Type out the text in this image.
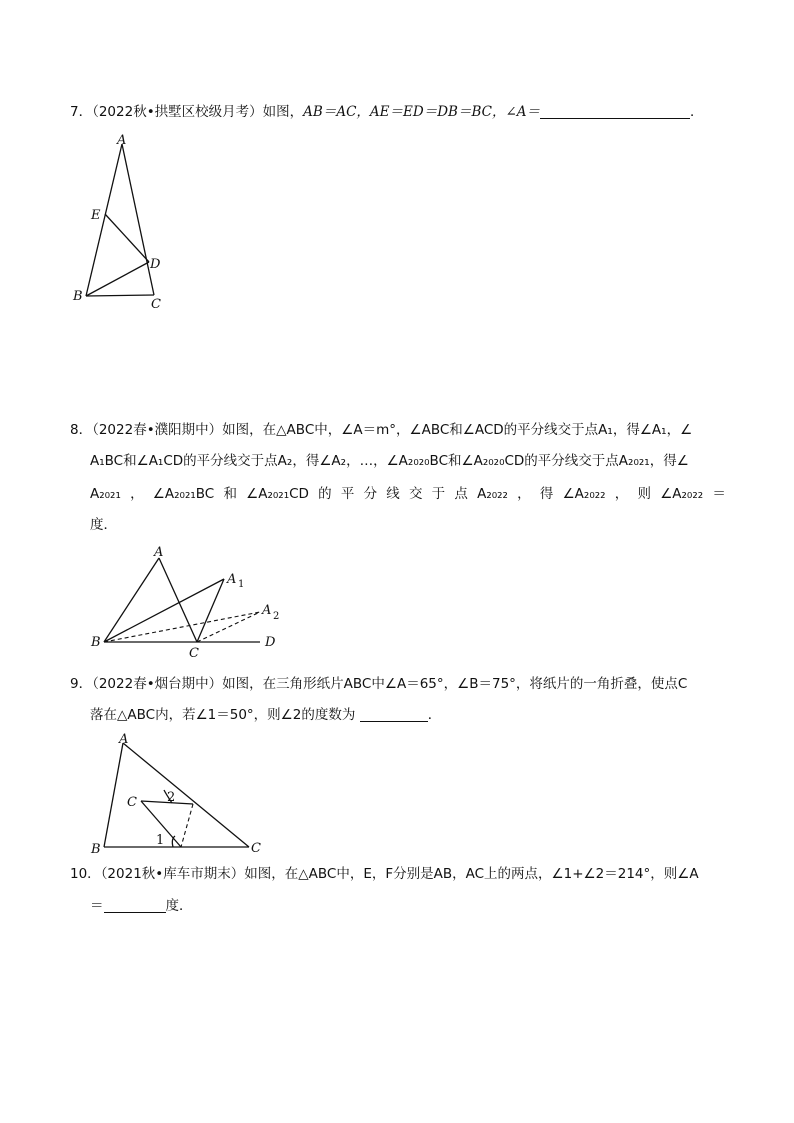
7．（2022秋•拱墅区校级月考）如图，AB＝AC，AE＝ED＝DB＝BC，∠A＝	．
A
E
D
B
C
8．（2022春•濮阳期中）如图，在△ABC中，∠A＝m°，∠ABC和∠ACD的平分线交于点A₁，得∠A₁，∠
A₁BC和∠A₁CD的平分线交于点A₂，得∠A₂，…，∠A₂₀₂₀BC和∠A₂₀₂₀CD的平分线交于点A₂₀₂₁，得∠
A₂₀₂₁ ， ∠A₂₀₂₁BC 和 ∠A₂₀₂₁CD 的 平 分 线 交 于 点 A₂₀₂₂ ， 得 ∠A₂₀₂₂ ， 则 ∠A₂₀₂₂ ＝
度．
A
A 1
A 2
B
C
D
9．（2022春•烟台期中）如图，在三角形纸片ABC中∠A＝65°，∠B＝75°，将纸片的一角折叠，使点C
落在△ABC内，若∠1＝50°，则∠2的度数为	．
A
B
C
C
1
2
10．（2021秋•库车市期末）如图，在△ABC中，E，F分别是AB，AC上的两点，∠1+∠2＝214°，则∠A
＝	度．
